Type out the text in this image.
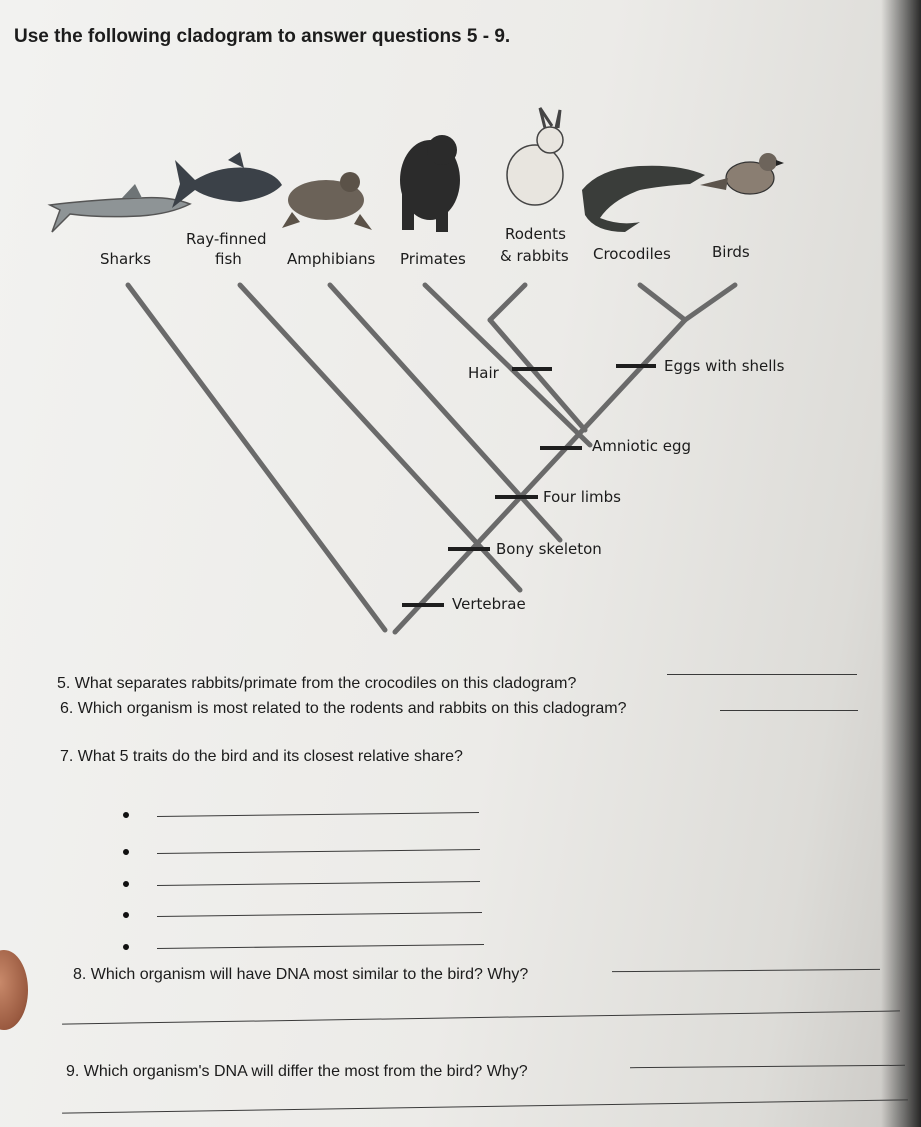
Use the following cladogram to answer questions 5 - 9.
Sharks
Ray-finned
fish	Amphibians Primates
Rodents
& rabbits Crocodiles	Birds
Hair	Eggs with shells
Amniotic egg
Four limbs
Bony skeleton
Vertebrae
5. What separates rabbits/primate from the crocodiles on this cladogram?
6. Which organism is most related to the rodents and rabbits on this cladogram?
7. What 5 traits do the bird and its closest relative share?
8. Which organism will have DNA most similar to the bird? Why?
9. Which organism's DNA will differ the most from the bird? Why?
